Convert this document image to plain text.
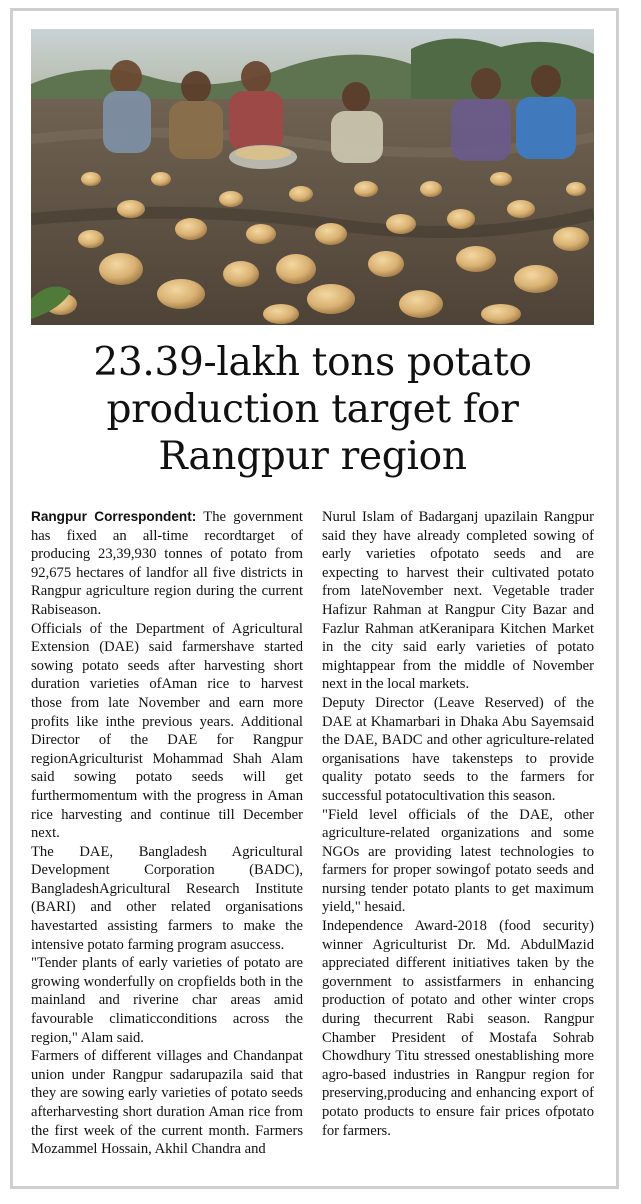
23.39-lakh tons potato
production target for
Rangpur region

Rangpur Correspondent: The government has fixed an all-time recordtarget of producing 23,39,930 tonnes of potato from 92,675 hectares of landfor all five districts in Rangpur agriculture region during the current Rabiseason.

Officials of the Department of Agricultural Extension (DAE) said farmershave started sowing potato seeds after harvesting short duration varieties ofAman rice to harvest those from late November and earn more profits like inthe previous years. Additional Director of the DAE for Rangpur regionAgriculturist Mohammad Shah Alam said sowing potato seeds will get furthermomentum with the progress in Aman rice harvesting and continue till December next.

The DAE, Bangladesh Agricultural Development Corporation (BADC), BangladeshAgricultural Research Institute (BARI) and other related organisations havestarted assisting farmers to make the intensive potato farming program asuccess.

"Tender plants of early varieties of potato are growing wonderfully on cropfields both in the mainland and riverine char areas amid favourable climaticconditions across the region," Alam said.

Farmers of different villages and Chandanpat union under Rangpur sadarupazila said that they are sowing early varieties of potato seeds afterharvesting short duration Aman rice from the first week of the current month. Farmers Mozammel Hossain, Akhil Chandra and

Nurul Islam of Badarganj upazilain Rangpur said they have already completed sowing of early varieties ofpotato seeds and are expecting to harvest their cultivated potato from lateNovember next. Vegetable trader Hafizur Rahman at Rangpur City Bazar and Fazlur Rahman atKeranipara Kitchen Market in the city said early varieties of potato mightappear from the middle of November next in the local markets.

Deputy Director (Leave Reserved) of the DAE at Khamarbari in Dhaka Abu Sayemsaid the DAE, BADC and other agriculture-related organisations have takensteps to provide quality potato seeds to the farmers for successful potatocultivation this season.

"Field level officials of the DAE, other agriculture-related organizations and some NGOs are providing latest technologies to farmers for proper sowingof potato seeds and nursing tender potato plants to get maximum yield," hesaid.

Independence Award-2018 (food security) winner Agriculturist Dr. Md. AbdulMazid appreciated different initiatives taken by the government to assistfarmers in enhancing production of potato and other winter crops during thecurrent Rabi season. Rangpur Chamber President of Mostafa Sohrab Chowdhury Titu stressed onestablishing more agro-based industries in Rangpur region for preserving,producing and enhancing export of potato products to ensure fair prices ofpotato for farmers.
